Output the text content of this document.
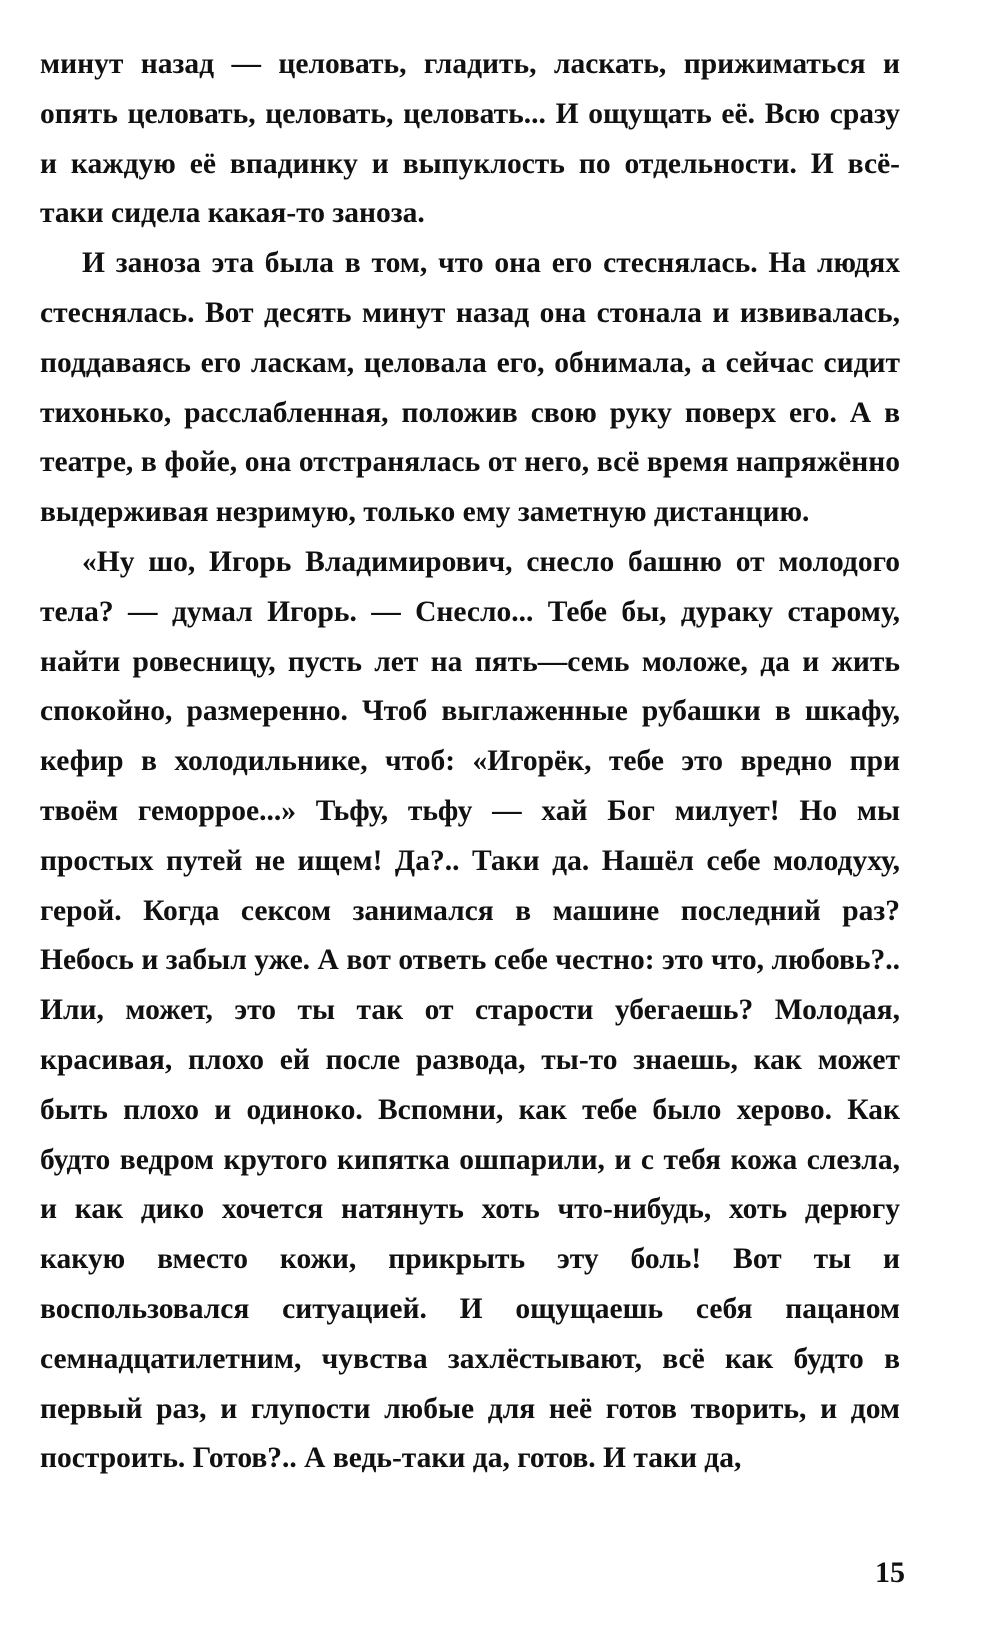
минут назад — целовать, гладить, ласкать, прижиматься и опять целовать, целовать, целовать... И ощущать её. Всю сразу и каждую её впадинку и выпуклость по отдельности. И всё-таки сидела какая-то заноза.

И заноза эта была в том, что она его стеснялась. На людях стеснялась. Вот десять минут назад она стонала и извивалась, поддаваясь его ласкам, целовала его, обнимала, а сейчас сидит тихонько, расслабленная, положив свою руку поверх его. А в театре, в фойе, она отстранялась от него, всё время напряжённо выдерживая незримую, только ему заметную дистанцию.

«Ну шо, Игорь Владимирович, снесло башню от молодого тела? — думал Игорь. — Снесло... Тебе бы, дураку старому, найти ровесницу, пусть лет на пять—семь моложе, да и жить спокойно, размеренно. Чтоб выглаженные рубашки в шкафу, кефир в холодильнике, чтоб: «Игорёк, тебе это вредно при твоём геморрое...» Тьфу, тьфу — хай Бог милует! Но мы простых путей не ищем! Да?.. Таки да. Нашёл себе молодуху, герой. Когда сексом занимался в машине последний раз? Небось и забыл уже. А вот ответь себе честно: это что, любовь?.. Или, может, это ты так от старости убегаешь? Молодая, красивая, плохо ей после развода, ты-то знаешь, как может быть плохо и одиноко. Вспомни, как тебе было херово. Как будто ведром крутого кипятка ошпарили, и с тебя кожа слезла, и как дико хочется натянуть хоть что-нибудь, хоть дерюгу какую вместо кожи, прикрыть эту боль! Вот ты и воспользовался ситуацией. И ощущаешь себя пацаном семнадцатилетним, чувства захлёстывают, всё как будто в первый раз, и глупости любые для неё готов творить, и дом построить. Готов?.. А ведь-таки да, готов. И таки да,

15
